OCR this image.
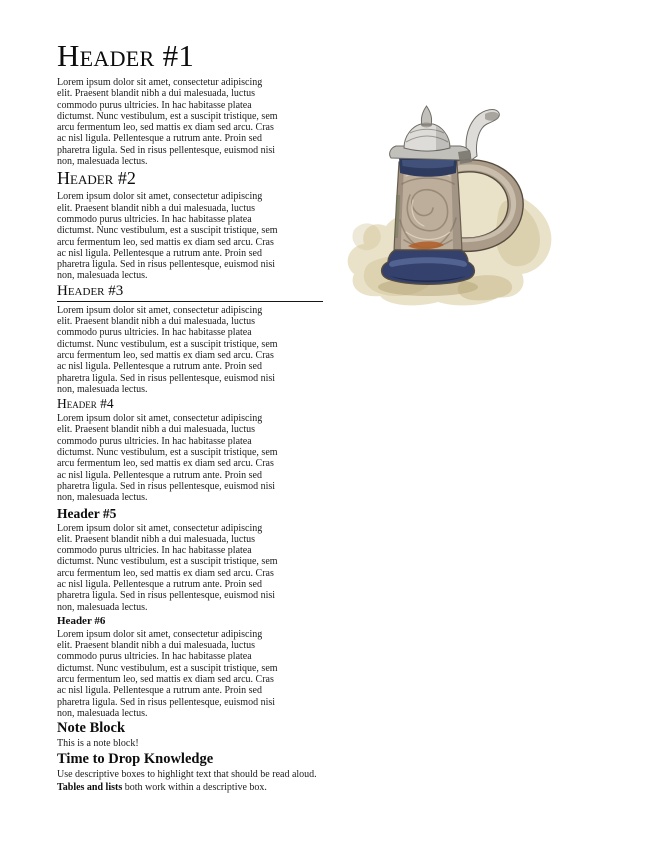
Header #1
Lorem ipsum dolor sit amet, consectetur adipiscing
elit. Praesent blandit nibh a dui malesuada, luctus
commodo purus ultricies. In hac habitasse platea
dictumst. Nunc vestibulum, est a suscipit tristique, sem
arcu fermentum leo, sed mattis ex diam sed arcu. Cras
ac nisl ligula. Pellentesque a rutrum ante. Proin sed
pharetra ligula. Sed in risus pellentesque, euismod nisi
non, malesuada lectus.
Header #2
Lorem ipsum dolor sit amet, consectetur adipiscing
elit. Praesent blandit nibh a dui malesuada, luctus
commodo purus ultricies. In hac habitasse platea
dictumst. Nunc vestibulum, est a suscipit tristique, sem
arcu fermentum leo, sed mattis ex diam sed arcu. Cras
ac nisl ligula. Pellentesque a rutrum ante. Proin sed
pharetra ligula. Sed in risus pellentesque, euismod nisi
non, malesuada lectus.
Header #3
Lorem ipsum dolor sit amet, consectetur adipiscing
elit. Praesent blandit nibh a dui malesuada, luctus
commodo purus ultricies. In hac habitasse platea
dictumst. Nunc vestibulum, est a suscipit tristique, sem
arcu fermentum leo, sed mattis ex diam sed arcu. Cras
ac nisl ligula. Pellentesque a rutrum ante. Proin sed
pharetra ligula. Sed in risus pellentesque, euismod nisi
non, malesuada lectus.
Header #4
Lorem ipsum dolor sit amet, consectetur adipiscing
elit. Praesent blandit nibh a dui malesuada, luctus
commodo purus ultricies. In hac habitasse platea
dictumst. Nunc vestibulum, est a suscipit tristique, sem
arcu fermentum leo, sed mattis ex diam sed arcu. Cras
ac nisl ligula. Pellentesque a rutrum ante. Proin sed
pharetra ligula. Sed in risus pellentesque, euismod nisi
non, malesuada lectus.
Header #5
Lorem ipsum dolor sit amet, consectetur adipiscing
elit. Praesent blandit nibh a dui malesuada, luctus
commodo purus ultricies. In hac habitasse platea
dictumst. Nunc vestibulum, est a suscipit tristique, sem
arcu fermentum leo, sed mattis ex diam sed arcu. Cras
ac nisl ligula. Pellentesque a rutrum ante. Proin sed
pharetra ligula. Sed in risus pellentesque, euismod nisi
non, malesuada lectus.
Header #6
Lorem ipsum dolor sit amet, consectetur adipiscing
elit. Praesent blandit nibh a dui malesuada, luctus
commodo purus ultricies. In hac habitasse platea
dictumst. Nunc vestibulum, est a suscipit tristique, sem
arcu fermentum leo, sed mattis ex diam sed arcu. Cras
ac nisl ligula. Pellentesque a rutrum ante. Proin sed
pharetra ligula. Sed in risus pellentesque, euismod nisi
non, malesuada lectus.
Note Block
This is a note block!
Time to Drop Knowledge
Use descriptive boxes to highlight text that should be read aloud.
Tables and lists both work within a descriptive box.
